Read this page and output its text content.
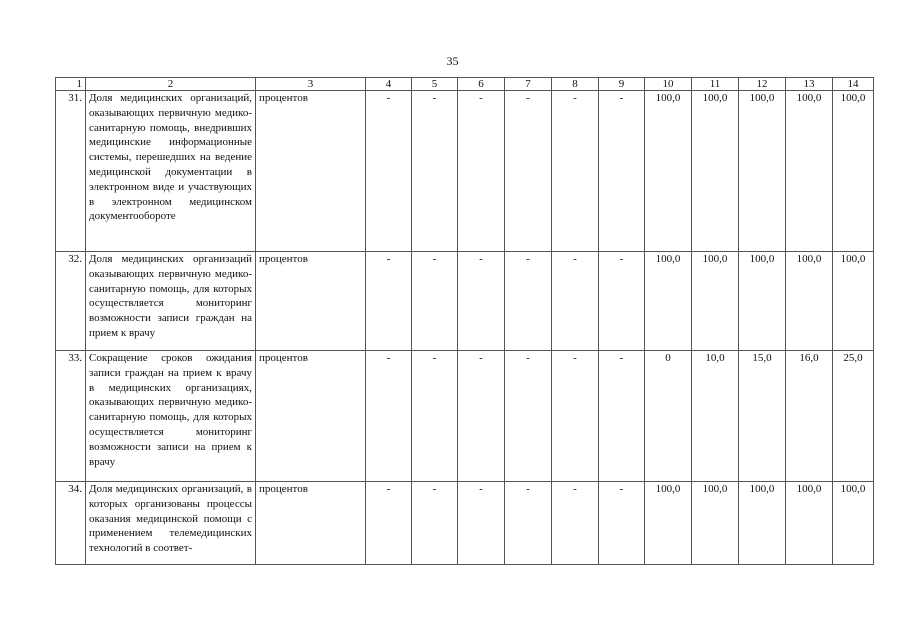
35
1	2	3	4	5	6	7	8	9	10	11	12	13	14
31.	Доля медицинских организаций, оказывающих первичную медико-санитарную помощь, внедривших медицинские информационные системы, перешедших на ведение медицинской документации в электронном виде и участвующих в электронном медицинском документообороте	процентов	-	-	-	-	-	-	100,0	100,0	100,0	100,0	100,0
32.	Доля медицинских организаций оказывающих первичную медико-санитарную помощь, для которых осуществляется мониторинг возможности записи граждан на прием к врачу	процентов	-	-	-	-	-	-	100,0	100,0	100,0	100,0	100,0
33.	Сокращение сроков ожидания записи граждан на прием к врачу в медицинских организациях, оказывающих первичную медико-санитарную помощь, для которых осуществляется мониторинг возможности записи на прием к врачу	процентов	-	-	-	-	-	-	0	10,0	15,0	16,0	25,0
34.	Доля медицинских организаций, в которых организованы процессы оказания медицинской помощи с применением телемедицинских технологий в соответ-	процентов	-	-	-	-	-	-	100,0	100,0	100,0	100,0	100,0
